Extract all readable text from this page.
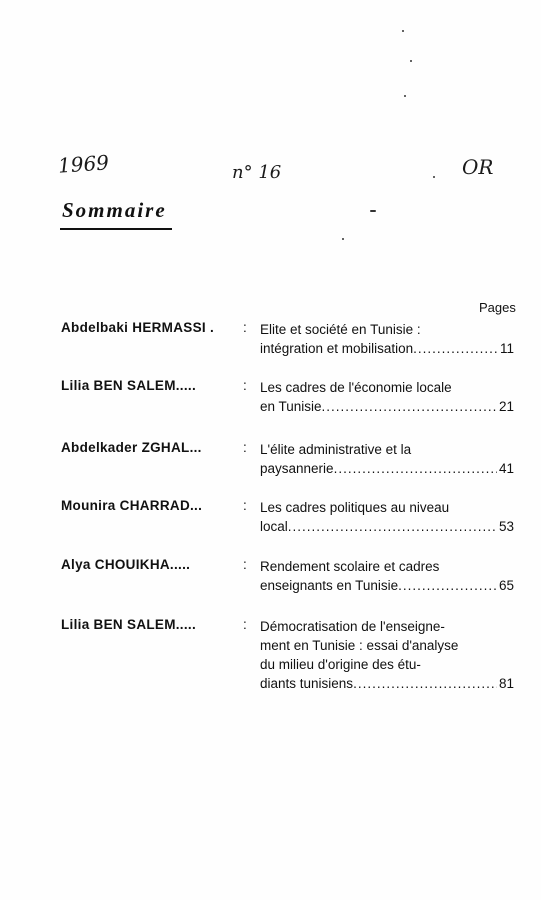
1969	n° 16	OR
Sommaire
Pages
Abdelbaki HERMASSI . : Elite et société en Tunisie :
intégration et mobilisation .....	11
Lilia BEN SALEM.....	: Les cadres de l'économie locale
en Tunisie .....	21
Abdelkader ZGHAL...	: L'élite administrative et la
paysannerie .....	41
Mounira CHARRAD...	: Les cadres politiques au niveau
local .....	53
Alya CHOUIKHA.....	: Rendement scolaire et cadres
enseignants en Tunisie .....	65
Lilia BEN SALEM.....	: Démocratisation de l'enseigne-
ment en Tunisie : essai d'analyse
du milieu d'origine des étu-
diants tunisiens .....	81
